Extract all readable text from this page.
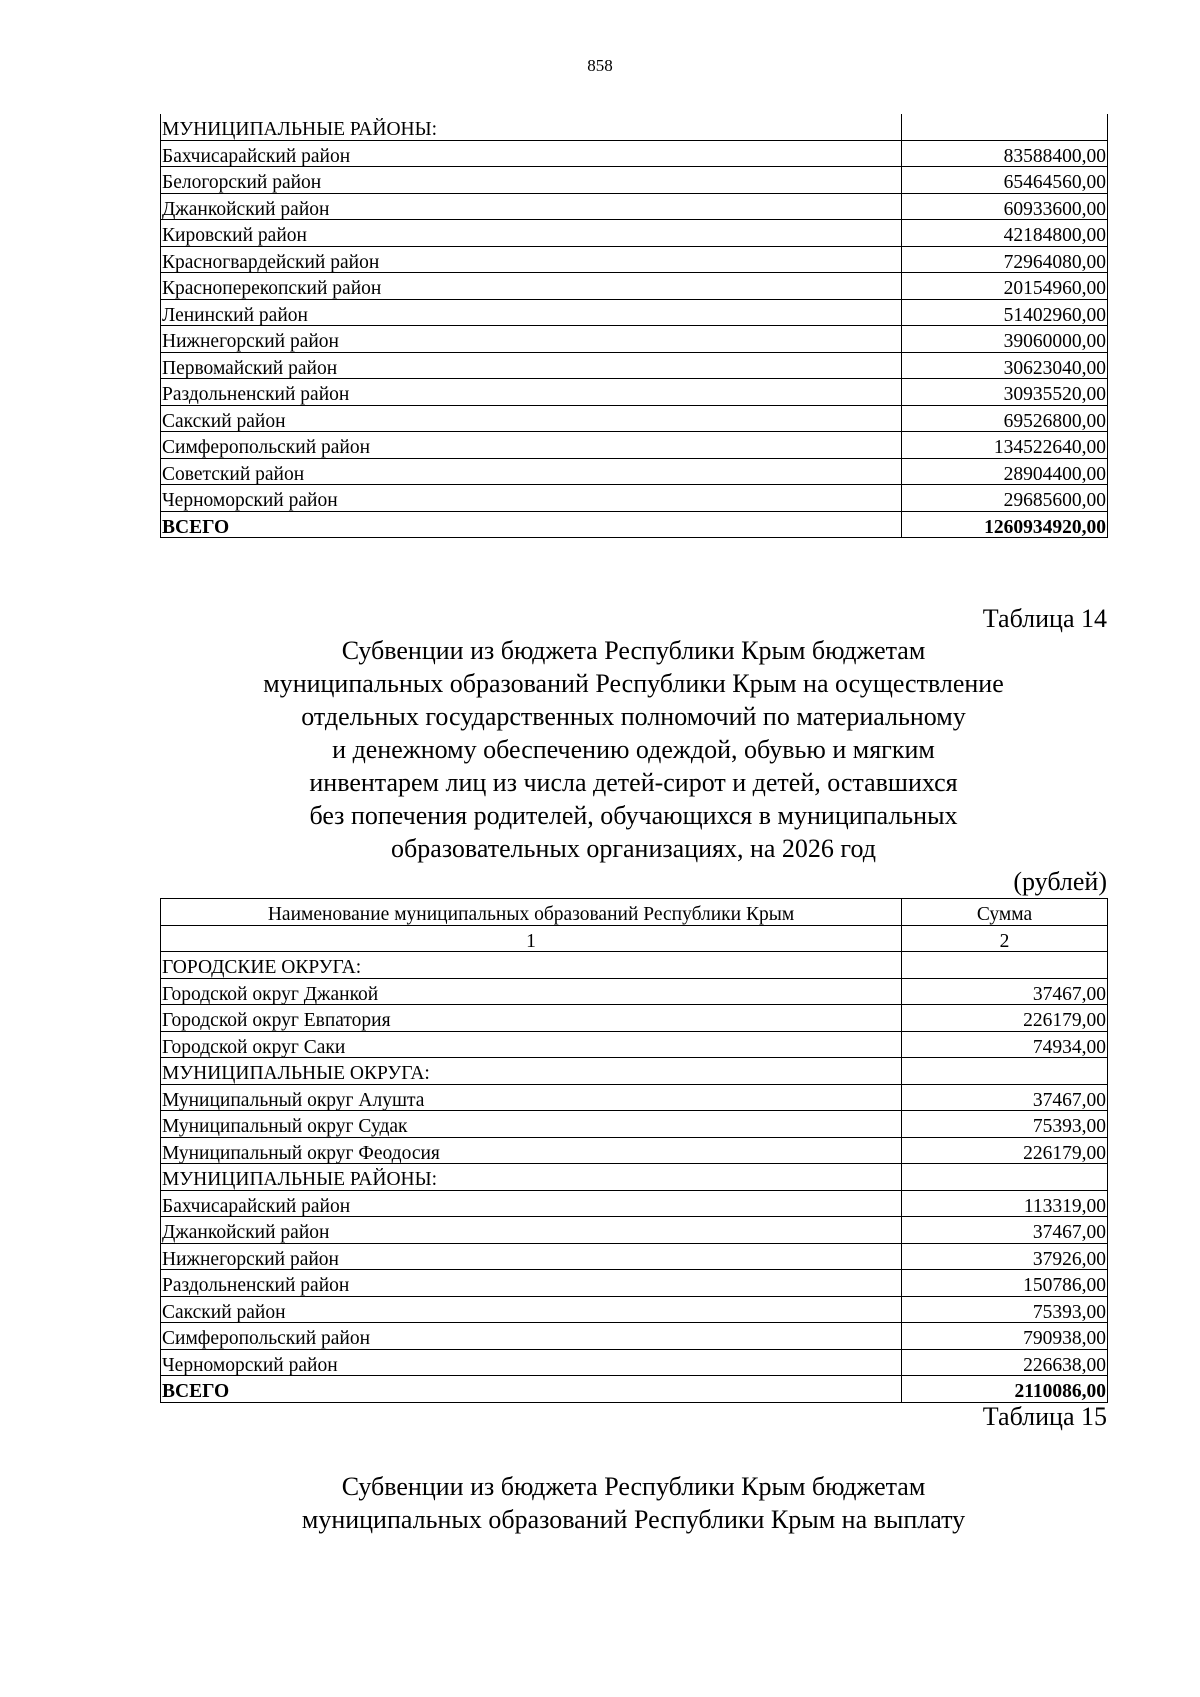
858
МУНИЦИПАЛЬНЫЕ РАЙОНЫ:	
Бахчисарайский район	83588400,00
Белогорский район	65464560,00
Джанкойский район	60933600,00
Кировский район	42184800,00
Красногвардейский район	72964080,00
Красноперекопский район	20154960,00
Ленинский район	51402960,00
Нижнегорский район	39060000,00
Первомайский район	30623040,00
Раздольненский район	30935520,00
Сакский район	69526800,00
Симферопольский район	134522640,00
Советский район	28904400,00
Черноморский район	29685600,00
ВСЕГО	1260934920,00
Таблица 14
Субвенции из бюджета Республики Крым бюджетам
муниципальных образований Республики Крым на осуществление
отдельных государственных полномочий по материальному
и денежному обеспечению одеждой, обувью и мягким
инвентарем лиц из числа детей-сирот и детей, оставшихся
без попечения родителей, обучающихся в муниципальных
образовательных организациях, на 2026 год
(рублей)
Наименование муниципальных образований Республики Крым	Сумма
1	2
ГОРОДСКИЕ ОКРУГА:	
Городской округ Джанкой	37467,00
Городской округ Евпатория	226179,00
Городской округ Саки	74934,00
МУНИЦИПАЛЬНЫЕ ОКРУГА:	
Муниципальный округ Алушта	37467,00
Муниципальный округ Судак	75393,00
Муниципальный округ Феодосия	226179,00
МУНИЦИПАЛЬНЫЕ РАЙОНЫ:	
Бахчисарайский район	113319,00
Джанкойский район	37467,00
Нижнегорский район	37926,00
Раздольненский район	150786,00
Сакский район	75393,00
Симферопольский район	790938,00
Черноморский район	226638,00
ВСЕГО	2110086,00
Таблица 15
Субвенции из бюджета Республики Крым бюджетам
муниципальных образований Республики Крым на выплату
